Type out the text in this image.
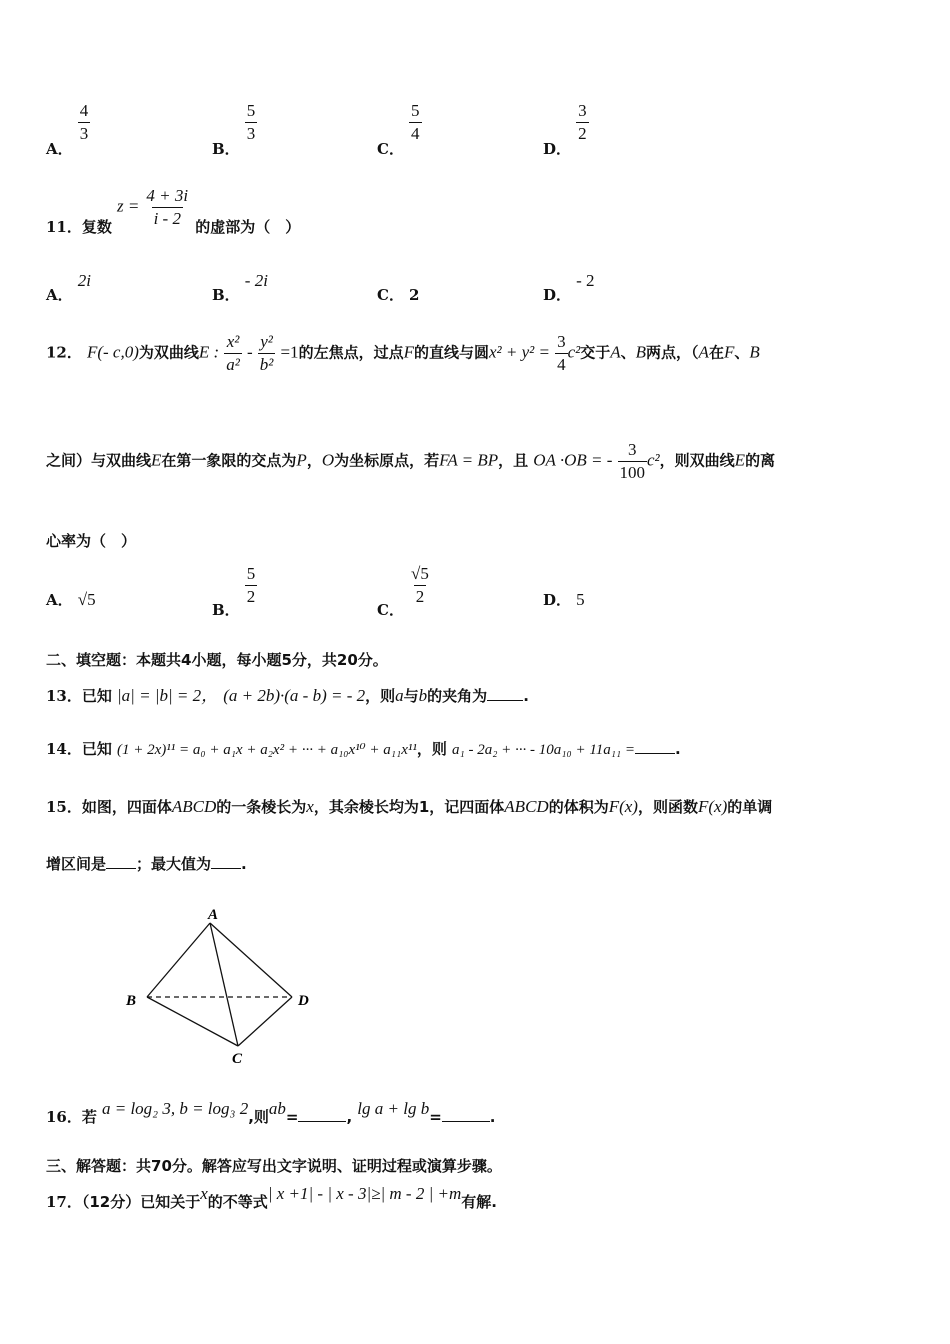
A．
$\frac{4}{3}$
B．
$\frac{5}{3}$
C．
$\frac{5}{4}$
D．
$\frac{3}{2}$
11．复数 $z = \frac{4 + 3i}{i - 2}$ 的虚部为（　）
A． 2i
B． - 2i
C． 2	D． - 2
12． F(- c,0)为双曲线E : $\frac{\text{x²}}{\text{a²}} - \frac{\text{y²}}{\text{b²}} =1$的左焦点，过点F的直线与圆$x^2 + y^2 = \frac{3}{4} c^2$交于A、B两点，（A在F、B
之间）与双曲线E在第一象限的交点为P，O为坐标原点，若FA = BP，且 OA ·OB = - $\frac{3}{100} c^2$，则双曲线E的离
心率为（　）
A． √5
B．
$\frac{5}{2}$
C．
$\frac{√5}{2}$	D． 5
二、填空题：本题共4小题，每小题5分，共20分。
13．已知 |a| = |b| = 2， (a + 2b)·(a - b) = - 2，则a与b的夹角为 .
14．已知 (1 + 2x)¹¹ = a₀ + a₁x + a₂x² + ··· + a₁₀x¹⁰ + a₁₁x¹¹，则 a₁ - 2a₂ + ··· - 10a₁₀ + 11a₁₁ =	.
15．如图，四面体ABCD的一条棱长为x，其余棱长均为1，记四面体ABCD的体积为F(x)，则函数F(x)的单调
增区间是 ；最大值为 .
A
B
C
D
16．若 a = log₂ 3, b = log₃ 2,则ab=	, lg a + lg b=	.
三、解答题：共70分。解答应写出文字说明、证明过程或演算步骤。
17．（12分）已知关于x的不等式| x +1| - | x - 3|≥| m - 2 | +m有解.
